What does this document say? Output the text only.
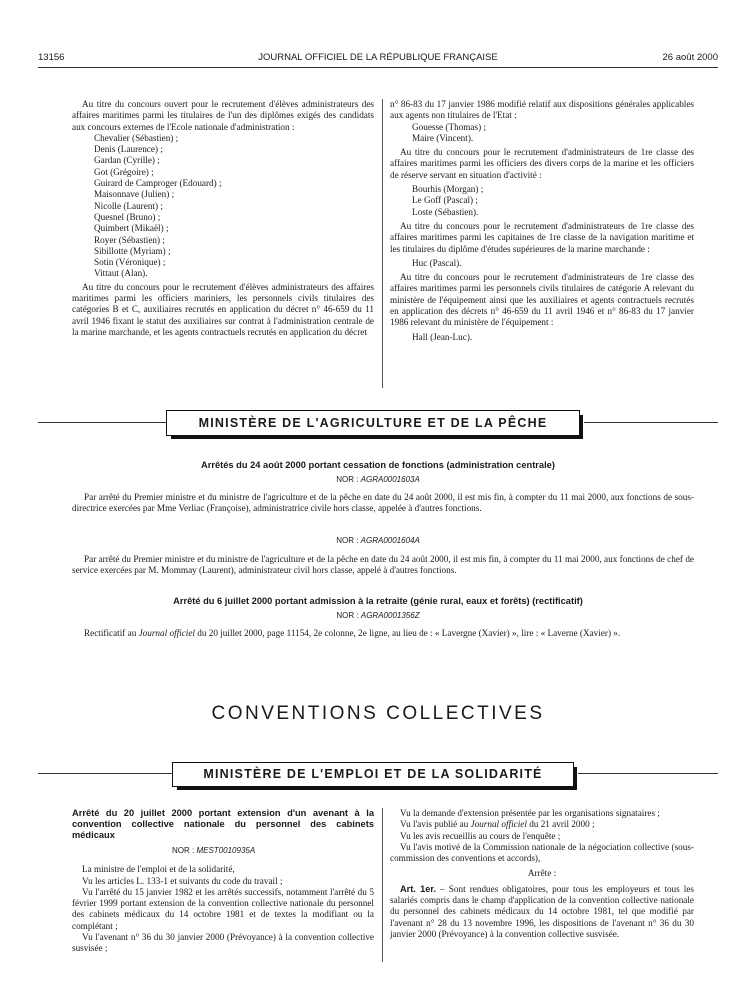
13156	JOURNAL OFFICIEL DE LA RÉPUBLIQUE FRANÇAISE	26 août 2000

Au titre du concours ouvert pour le recrutement d'élèves administrateurs des affaires maritimes parmi les titulaires de l'un des diplômes exigés des candidats aux concours externes de l'Ecole nationale d'administration :

Chevalier (Sébastien) ;

Denis (Laurence) ;

Gardan (Cyrille) ;

Got (Grégoire) ;

Guirard de Camproger (Edouard) ;

Maisonnave (Julien) ;

Nicolle (Laurent) ;

Quesnel (Bruno) ;

Quimbert (Mikaël) ;

Royer (Sébastien) ;

Sibillotte (Myriam) ;

Sotin (Véronique) ;

Vittaut (Alan).

Au titre du concours pour le recrutement d'élèves administrateurs des affaires maritimes parmi les officiers mariniers, les personnels civils titulaires des catégories B et C, auxiliaires recrutés en application du décret n° 46-659 du 11 avril 1946 fixant le statut des auxiliaires sur contrat à l'administration centrale de la marine marchande, et les agents contractuels recrutés en application du décret

n° 86-83 du 17 janvier 1986 modifié relatif aux dispositions générales applicables aux agents non titulaires de l'Etat :

Gouesse (Thomas) ;

Maire (Vincent).

Au titre du concours pour le recrutement d'administrateurs de 1re classe des affaires maritimes parmi les officiers des divers corps de la marine et les officiers de réserve servant en situation d'activité :

Bourhis (Morgan) ;

Le Goff (Pascal) ;

Loste (Sébastien).

Au titre du concours pour le recrutement d'administrateurs de 1re classe des affaires maritimes parmi les capitaines de 1re classe de la navigation maritime et les titulaires du diplôme d'études supérieures de la marine marchande :

Huc (Pascal).

Au titre du concours pour le recrutement d'administrateurs de 1re classe des affaires maritimes parmi les personnels civils titulaires de catégorie A relevant du ministère de l'équipement ainsi que les auxiliaires et agents contractuels recrutés en application des décrets n° 46-659 du 11 avril 1946 et n° 86-83 du 17 janvier 1986 relevant du ministère de l'équipement :

Hall (Jean-Luc).

MINISTÈRE DE L'AGRICULTURE ET DE LA PÊCHE
Arrêtés du 24 août 2000 portant cessation de fonctions (administration centrale)
NOR : AGRA0001603A

Par arrêté du Premier ministre et du ministre de l'agriculture et de la pêche en date du 24 août 2000, il est mis fin, à compter du 11 mai 2000, aux fonctions de sous-directrice exercées par Mme Verliac (Françoise), administratrice civile hors classe, appelée à d'autres fonctions.

NOR : AGRA0001604A

Par arrêté du Premier ministre et du ministre de l'agriculture et de la pêche en date du 24 août 2000, il est mis fin, à compter du 11 mai 2000, aux fonctions de chef de service exercées par M. Mommay (Laurent), administrateur civil hors classe, appelé à d'autres fonctions.

Arrêté du 6 juillet 2000 portant admission à la retraite (génie rural, eaux et forêts) (rectificatif)
NOR : AGRA0001356Z

Rectificatif au Journal officiel du 20 juillet 2000, page 11154, 2e colonne, 2e ligne, au lieu de : « Lavergne (Xavier) », lire : « Laverne (Xavier) ».

CONVENTIONS COLLECTIVES
MINISTÈRE DE L'EMPLOI ET DE LA SOLIDARITÉ

Arrêté du 20 juillet 2000 portant extension d'un avenant à la convention collective nationale du personnel des cabinets médicaux

NOR : MEST0010935A

La ministre de l'emploi et de la solidarité,

Vu les articles L. 133-1 et suivants du code du travail ;

Vu l'arrêté du 15 janvier 1982 et les arrêtés successifs, notamment l'arrêté du 5 février 1999 portant extension de la convention collective nationale du personnel des cabinets médicaux du 14 octobre 1981 et de textes la modifiant ou la complétant ;

Vu l'avenant n° 36 du 30 janvier 2000 (Prévoyance) à la convention collective susvisée ;

Vu la demande d'extension présentée par les organisations signataires ;

Vu l'avis publié au Journal officiel du 21 avril 2000 ;

Vu les avis recueillis au cours de l'enquête ;

Vu l'avis motivé de la Commission nationale de la négociation collective (sous-commission des conventions et accords),

Arrête :

Art. 1er. – Sont rendues obligatoires, pour tous les employeurs et tous les salariés compris dans le champ d'application de la convention collective nationale du personnel des cabinets médicaux du 14 octobre 1981, tel que modifié par l'avenant n° 28 du 13 novembre 1996, les dispositions de l'avenant n° 36 du 30 janvier 2000 (Prévoyance) à la convention collective susvisée.
